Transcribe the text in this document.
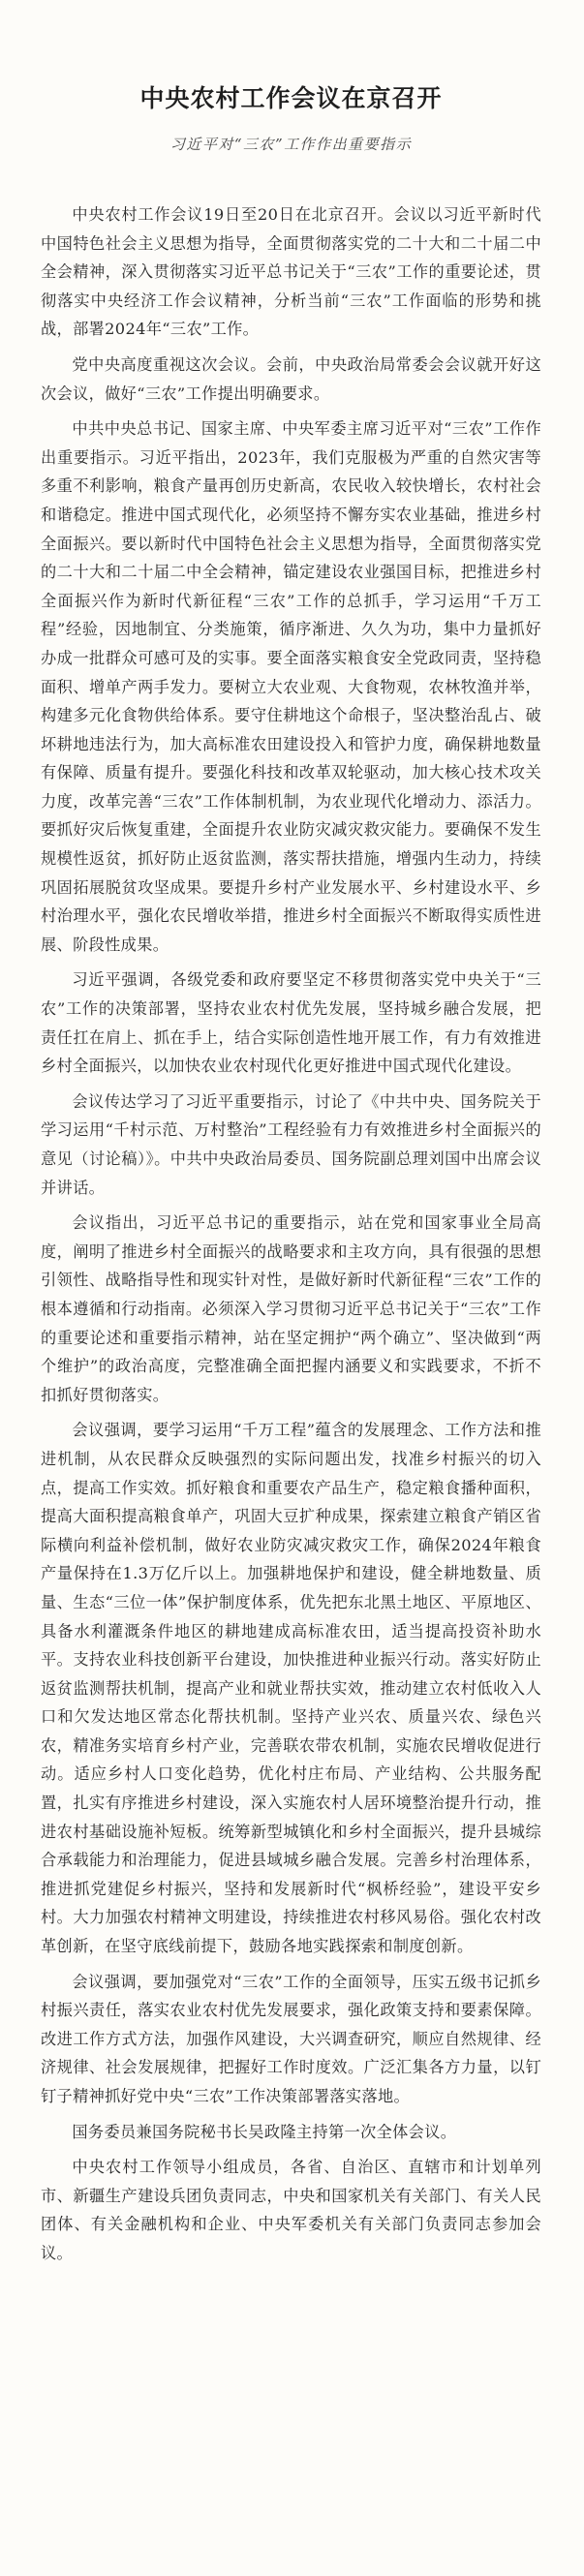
中央农村工作会议在京召开
习近平对“三农”工作作出重要指示

中央农村工作会议19日至20日在北京召开。会议以习近平新时代中国特色社会主义思想为指导，全面贯彻落实党的二十大和二十届二中全会精神，深入贯彻落实习近平总书记关于“三农”工作的重要论述，贯彻落实中央经济工作会议精神，分析当前“三农”工作面临的形势和挑战，部署2024年“三农”工作。

党中央高度重视这次会议。会前，中央政治局常委会会议就开好这次会议，做好“三农”工作提出明确要求。

中共中央总书记、国家主席、中央军委主席习近平对“三农”工作作出重要指示。习近平指出，2023年，我们克服极为严重的自然灾害等多重不利影响，粮食产量再创历史新高，农民收入较快增长，农村社会和谐稳定。推进中国式现代化，必须坚持不懈夯实农业基础，推进乡村全面振兴。要以新时代中国特色社会主义思想为指导，全面贯彻落实党的二十大和二十届二中全会精神，锚定建设农业强国目标，把推进乡村全面振兴作为新时代新征程“三农”工作的总抓手，学习运用“千万工程”经验，因地制宜、分类施策，循序渐进、久久为功，集中力量抓好办成一批群众可感可及的实事。要全面落实粮食安全党政同责，坚持稳面积、增单产两手发力。要树立大农业观、大食物观，农林牧渔并举，构建多元化食物供给体系。要守住耕地这个命根子，坚决整治乱占、破坏耕地违法行为，加大高标准农田建设投入和管护力度，确保耕地数量有保障、质量有提升。要强化科技和改革双轮驱动，加大核心技术攻关力度，改革完善“三农”工作体制机制，为农业现代化增动力、添活力。要抓好灾后恢复重建，全面提升农业防灾减灾救灾能力。要确保不发生规模性返贫，抓好防止返贫监测，落实帮扶措施，增强内生动力，持续巩固拓展脱贫攻坚成果。要提升乡村产业发展水平、乡村建设水平、乡村治理水平，强化农民增收举措，推进乡村全面振兴不断取得实质性进展、阶段性成果。

习近平强调，各级党委和政府要坚定不移贯彻落实党中央关于“三农”工作的决策部署，坚持农业农村优先发展，坚持城乡融合发展，把责任扛在肩上、抓在手上，结合实际创造性地开展工作，有力有效推进乡村全面振兴，以加快农业农村现代化更好推进中国式现代化建设。

会议传达学习了习近平重要指示，讨论了《中共中央、国务院关于学习运用“千村示范、万村整治”工程经验有力有效推进乡村全面振兴的意见（讨论稿）》。中共中央政治局委员、国务院副总理刘国中出席会议并讲话。

会议指出，习近平总书记的重要指示，站在党和国家事业全局高度，阐明了推进乡村全面振兴的战略要求和主攻方向，具有很强的思想引领性、战略指导性和现实针对性，是做好新时代新征程“三农”工作的根本遵循和行动指南。必须深入学习贯彻习近平总书记关于“三农”工作的重要论述和重要指示精神，站在坚定拥护“两个确立”、坚决做到“两个维护”的政治高度，完整准确全面把握内涵要义和实践要求，不折不扣抓好贯彻落实。

会议强调，要学习运用“千万工程”蕴含的发展理念、工作方法和推进机制，从农民群众反映强烈的实际问题出发，找准乡村振兴的切入点，提高工作实效。抓好粮食和重要农产品生产，稳定粮食播种面积，提高大面积提高粮食单产，巩固大豆扩种成果，探索建立粮食产销区省际横向利益补偿机制，做好农业防灾减灾救灾工作，确保2024年粮食产量保持在1.3万亿斤以上。加强耕地保护和建设，健全耕地数量、质量、生态“三位一体”保护制度体系，优先把东北黑土地区、平原地区、具备水利灌溉条件地区的耕地建成高标准农田，适当提高投资补助水平。支持农业科技创新平台建设，加快推进种业振兴行动。落实好防止返贫监测帮扶机制，提高产业和就业帮扶实效，推动建立农村低收入人口和欠发达地区常态化帮扶机制。坚持产业兴农、质量兴农、绿色兴农，精准务实培育乡村产业，完善联农带农机制，实施农民增收促进行动。适应乡村人口变化趋势，优化村庄布局、产业结构、公共服务配置，扎实有序推进乡村建设，深入实施农村人居环境整治提升行动，推进农村基础设施补短板。统筹新型城镇化和乡村全面振兴，提升县城综合承载能力和治理能力，促进县域城乡融合发展。完善乡村治理体系，推进抓党建促乡村振兴，坚持和发展新时代“枫桥经验”，建设平安乡村。大力加强农村精神文明建设，持续推进农村移风易俗。强化农村改革创新，在坚守底线前提下，鼓励各地实践探索和制度创新。

会议强调，要加强党对“三农”工作的全面领导，压实五级书记抓乡村振兴责任，落实农业农村优先发展要求，强化政策支持和要素保障。改进工作方式方法，加强作风建设，大兴调查研究，顺应自然规律、经济规律、社会发展规律，把握好工作时度效。广泛汇集各方力量，以钉钉子精神抓好党中央“三农”工作决策部署落实落地。

国务委员兼国务院秘书长吴政隆主持第一次全体会议。

中央农村工作领导小组成员，各省、自治区、直辖市和计划单列市、新疆生产建设兵团负责同志，中央和国家机关有关部门、有关人民团体、有关金融机构和企业、中央军委机关有关部门负责同志参加会议。
